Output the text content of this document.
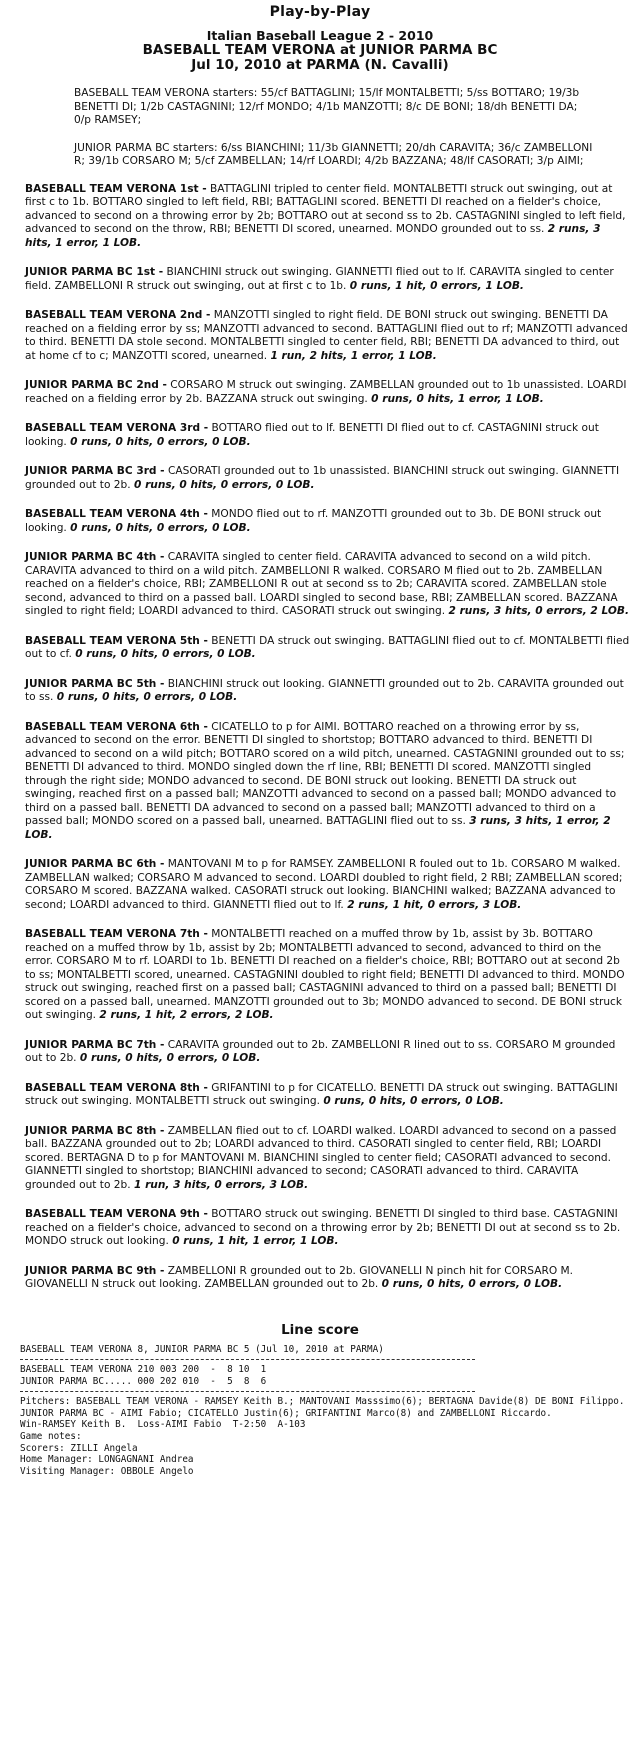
Play-by-Play
Italian Baseball League 2 - 2010
BASEBALL TEAM VERONA at JUNIOR PARMA BC
Jul 10, 2010 at PARMA (N. Cavalli)

BASEBALL TEAM VERONA starters: 55/cf BATTAGLINI; 15/lf MONTALBETTI; 5/ss BOTTARO; 19/3b BENETTI DI; 1/2b CASTAGNINI; 12/rf MONDO; 4/1b MANZOTTI; 8/c DE BONI; 18/dh BENETTI DA; 0/p RAMSEY;

JUNIOR PARMA BC starters: 6/ss BIANCHINI; 11/3b GIANNETTI; 20/dh CARAVITA; 36/c ZAMBELLONI R; 39/1b CORSARO M; 5/cf ZAMBELLAN; 14/rf LOARDI; 4/2b BAZZANA; 48/lf CASORATI; 3/p AIMI;

BASEBALL TEAM VERONA 1st - BATTAGLINI tripled to center field. MONTALBETTI struck out swinging, out at first c to 1b. BOTTARO singled to left field, RBI; BATTAGLINI scored. BENETTI DI reached on a fielder's choice, advanced to second on a throwing error by 2b; BOTTARO out at second ss to 2b. CASTAGNINI singled to left field, advanced to second on the throw, RBI; BENETTI DI scored, unearned. MONDO grounded out to ss. 2 runs, 3 hits, 1 error, 1 LOB.
JUNIOR PARMA BC 1st - BIANCHINI struck out swinging. GIANNETTI flied out to lf. CARAVITA singled to center field. ZAMBELLONI R struck out swinging, out at first c to 1b. 0 runs, 1 hit, 0 errors, 1 LOB.
BASEBALL TEAM VERONA 2nd - MANZOTTI singled to right field. DE BONI struck out swinging. BENETTI DA reached on a fielding error by ss; MANZOTTI advanced to second. BATTAGLINI flied out to rf; MANZOTTI advanced to third. BENETTI DA stole second. MONTALBETTI singled to center field, RBI; BENETTI DA advanced to third, out at home cf to c; MANZOTTI scored, unearned. 1 run, 2 hits, 1 error, 1 LOB.
JUNIOR PARMA BC 2nd - CORSARO M struck out swinging. ZAMBELLAN grounded out to 1b unassisted. LOARDI reached on a fielding error by 2b. BAZZANA struck out swinging. 0 runs, 0 hits, 1 error, 1 LOB.
BASEBALL TEAM VERONA 3rd - BOTTARO flied out to lf. BENETTI DI flied out to cf. CASTAGNINI struck out looking. 0 runs, 0 hits, 0 errors, 0 LOB.
JUNIOR PARMA BC 3rd - CASORATI grounded out to 1b unassisted. BIANCHINI struck out swinging. GIANNETTI grounded out to 2b. 0 runs, 0 hits, 0 errors, 0 LOB.
BASEBALL TEAM VERONA 4th - MONDO flied out to rf. MANZOTTI grounded out to 3b. DE BONI struck out looking. 0 runs, 0 hits, 0 errors, 0 LOB.
JUNIOR PARMA BC 4th - CARAVITA singled to center field. CARAVITA advanced to second on a wild pitch. CARAVITA advanced to third on a wild pitch. ZAMBELLONI R walked. CORSARO M flied out to 2b. ZAMBELLAN reached on a fielder's choice, RBI; ZAMBELLONI R out at second ss to 2b; CARAVITA scored. ZAMBELLAN stole second, advanced to third on a passed ball. LOARDI singled to second base, RBI; ZAMBELLAN scored. BAZZANA singled to right field; LOARDI advanced to third. CASORATI struck out swinging. 2 runs, 3 hits, 0 errors, 2 LOB.
BASEBALL TEAM VERONA 5th - BENETTI DA struck out swinging. BATTAGLINI flied out to cf. MONTALBETTI flied out to cf. 0 runs, 0 hits, 0 errors, 0 LOB.
JUNIOR PARMA BC 5th - BIANCHINI struck out looking. GIANNETTI grounded out to 2b. CARAVITA grounded out to ss. 0 runs, 0 hits, 0 errors, 0 LOB.
BASEBALL TEAM VERONA 6th - CICATELLO to p for AIMI. BOTTARO reached on a throwing error by ss, advanced to second on the error. BENETTI DI singled to shortstop; BOTTARO advanced to third. BENETTI DI advanced to second on a wild pitch; BOTTARO scored on a wild pitch, unearned. CASTAGNINI grounded out to ss; BENETTI DI advanced to third. MONDO singled down the rf line, RBI; BENETTI DI scored. MANZOTTI singled through the right side; MONDO advanced to second. DE BONI struck out looking. BENETTI DA struck out swinging, reached first on a passed ball; MANZOTTI advanced to second on a passed ball; MONDO advanced to third on a passed ball. BENETTI DA advanced to second on a passed ball; MANZOTTI advanced to third on a passed ball; MONDO scored on a passed ball, unearned. BATTAGLINI flied out to ss. 3 runs, 3 hits, 1 error, 2 LOB.
JUNIOR PARMA BC 6th - MANTOVANI M to p for RAMSEY. ZAMBELLONI R fouled out to 1b. CORSARO M walked. ZAMBELLAN walked; CORSARO M advanced to second. LOARDI doubled to right field, 2 RBI; ZAMBELLAN scored; CORSARO M scored. BAZZANA walked. CASORATI struck out looking. BIANCHINI walked; BAZZANA advanced to second; LOARDI advanced to third. GIANNETTI flied out to lf. 2 runs, 1 hit, 0 errors, 3 LOB.
BASEBALL TEAM VERONA 7th - MONTALBETTI reached on a muffed throw by 1b, assist by 3b. BOTTARO reached on a muffed throw by 1b, assist by 2b; MONTALBETTI advanced to second, advanced to third on the error. CORSARO M to rf. LOARDI to 1b. BENETTI DI reached on a fielder's choice, RBI; BOTTARO out at second 2b to ss; MONTALBETTI scored, unearned. CASTAGNINI doubled to right field; BENETTI DI advanced to third. MONDO struck out swinging, reached first on a passed ball; CASTAGNINI advanced to third on a passed ball; BENETTI DI scored on a passed ball, unearned. MANZOTTI grounded out to 3b; MONDO advanced to second. DE BONI struck out swinging. 2 runs, 1 hit, 2 errors, 2 LOB.
JUNIOR PARMA BC 7th - CARAVITA grounded out to 2b. ZAMBELLONI R lined out to ss. CORSARO M grounded out to 2b. 0 runs, 0 hits, 0 errors, 0 LOB.
BASEBALL TEAM VERONA 8th - GRIFANTINI to p for CICATELLO. BENETTI DA struck out swinging. BATTAGLINI struck out swinging. MONTALBETTI struck out swinging. 0 runs, 0 hits, 0 errors, 0 LOB.
JUNIOR PARMA BC 8th - ZAMBELLAN flied out to cf. LOARDI walked. LOARDI advanced to second on a passed ball. BAZZANA grounded out to 2b; LOARDI advanced to third. CASORATI singled to center field, RBI; LOARDI scored. BERTAGNA D to p for MANTOVANI M. BIANCHINI singled to center field; CASORATI advanced to second. GIANNETTI singled to shortstop; BIANCHINI advanced to second; CASORATI advanced to third. CARAVITA grounded out to 2b. 1 run, 3 hits, 0 errors, 3 LOB.
BASEBALL TEAM VERONA 9th - BOTTARO struck out swinging. BENETTI DI singled to third base. CASTAGNINI reached on a fielder's choice, advanced to second on a throwing error by 2b; BENETTI DI out at second ss to 2b. MONDO struck out looking. 0 runs, 1 hit, 1 error, 1 LOB.
JUNIOR PARMA BC 9th - ZAMBELLONI R grounded out to 2b. GIOVANELLI N pinch hit for CORSARO M. GIOVANELLI N struck out looking. ZAMBELLAN grounded out to 2b. 0 runs, 0 hits, 0 errors, 0 LOB.
Line score
BASEBALL TEAM VERONA 8, JUNIOR PARMA BC 5 (Jul 10, 2010 at PARMA)
BASEBALL TEAM VERONA 210 003 200  -  8 10  1
JUNIOR PARMA BC..... 000 202 010  -  5  8  6
Pitchers: BASEBALL TEAM VERONA - RAMSEY Keith B.; MANTOVANI Masssimo(6); BERTAGNA Davide(8) DE BONI Filippo. JUNIOR PARMA BC - AIMI Fabio; CICATELLO Justin(6); GRIFANTINI Marco(8) and ZAMBELLONI Riccardo.
Win-RAMSEY Keith B.  Loss-AIMI Fabio  T-2:50  A-103
Game notes:
Scorers: ZILLI Angela
Home Manager: LONGAGNANI Andrea
Visiting Manager: OBBOLE Angelo
